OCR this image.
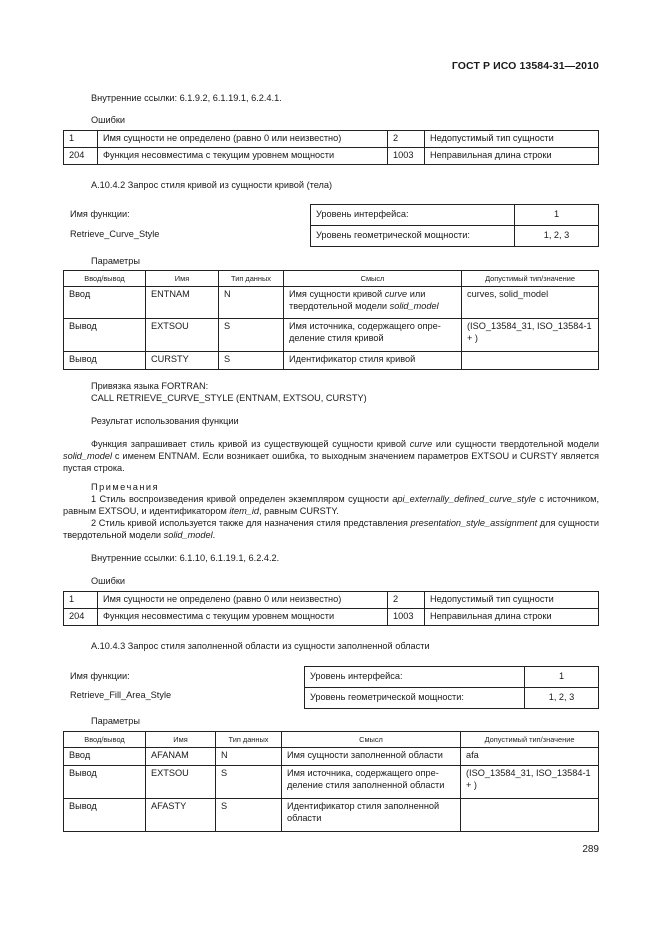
ГОСТ Р ИСО 13584-31—2010
Внутренние ссылки: 6.1.9.2, 6.1.19.1, 6.2.4.1.
Ошибки
1	Имя сущности не определено (равно 0 или неизвестно)	2	Недопустимый тип сущности
204	Функция несовместима с текущим уровнем мощности	1003	Неправильная длина строки
А.10.4.2 Запрос стиля кривой из сущности кривой (тела)
Имя функции:
Retrieve_Curve_Style
Уровень интерфейса:	1
Уровень геометрической мощности:	1, 2, 3
Параметры
Ввод/вывод	Имя	Тип данных	Смысл	Допустимый тип/значение
Ввод	ENTNAM	N	Имя сущности кривой curve или твердотельной модели solid_model	curves, solid_model
Вывод	EXTSOU	S	Имя источника, содержащего опре-деление стиля кривой	(ISO_13584_31, ISO_13584-1 + )
Вывод	CURSTY	S	Идентификатор стиля кривой	
Привязка языка FORTRAN:
CALL RETRIEVE_CURVE_STYLE (ENTNAM, EXTSOU, CURSTY)
Результат использования функции
Функция запрашивает стиль кривой из существующей сущности кривой curve или сущности твердотельной модели solid_model с именем ENTNAM. Если возникает ошибка, то выходным значением параметров EXTSOU и CURSTY является пустая строка.
Примечания
1 Стиль воспроизведения кривой определен экземпляром сущности api_externally_defined_curve_style с источником, равным EXTSOU, и идентификатором item_id, равным CURSTY.
2 Стиль кривой используется также для назначения стиля представления presentation_style_assignment для сущности твердотельной модели solid_model.
Внутренние ссылки: 6.1.10, 6.1.19.1, 6.2.4.2.
Ошибки
1	Имя сущности не определено (равно 0 или неизвестно)	2	Недопустимый тип сущности
204	Функция несовместима с текущим уровнем мощности	1003	Неправильная длина строки
А.10.4.3 Запрос стиля заполненной области из сущности заполненной области
Имя функции:
Retrieve_Fill_Area_Style
Уровень интерфейса:	1
Уровень геометрической мощности:	1, 2, 3
Параметры
Ввод/вывод	Имя	Тип данных	Смысл	Допустимый тип/значение
Ввод	AFANAM	N	Имя сущности заполненной области	afa
Вывод	EXTSOU	S	Имя источника, содержащего опре-деление стиля заполненной области	(ISO_13584_31, ISO_13584-1 + )
Вывод	AFASTY	S	Идентификатор стиля заполненной области	
289
